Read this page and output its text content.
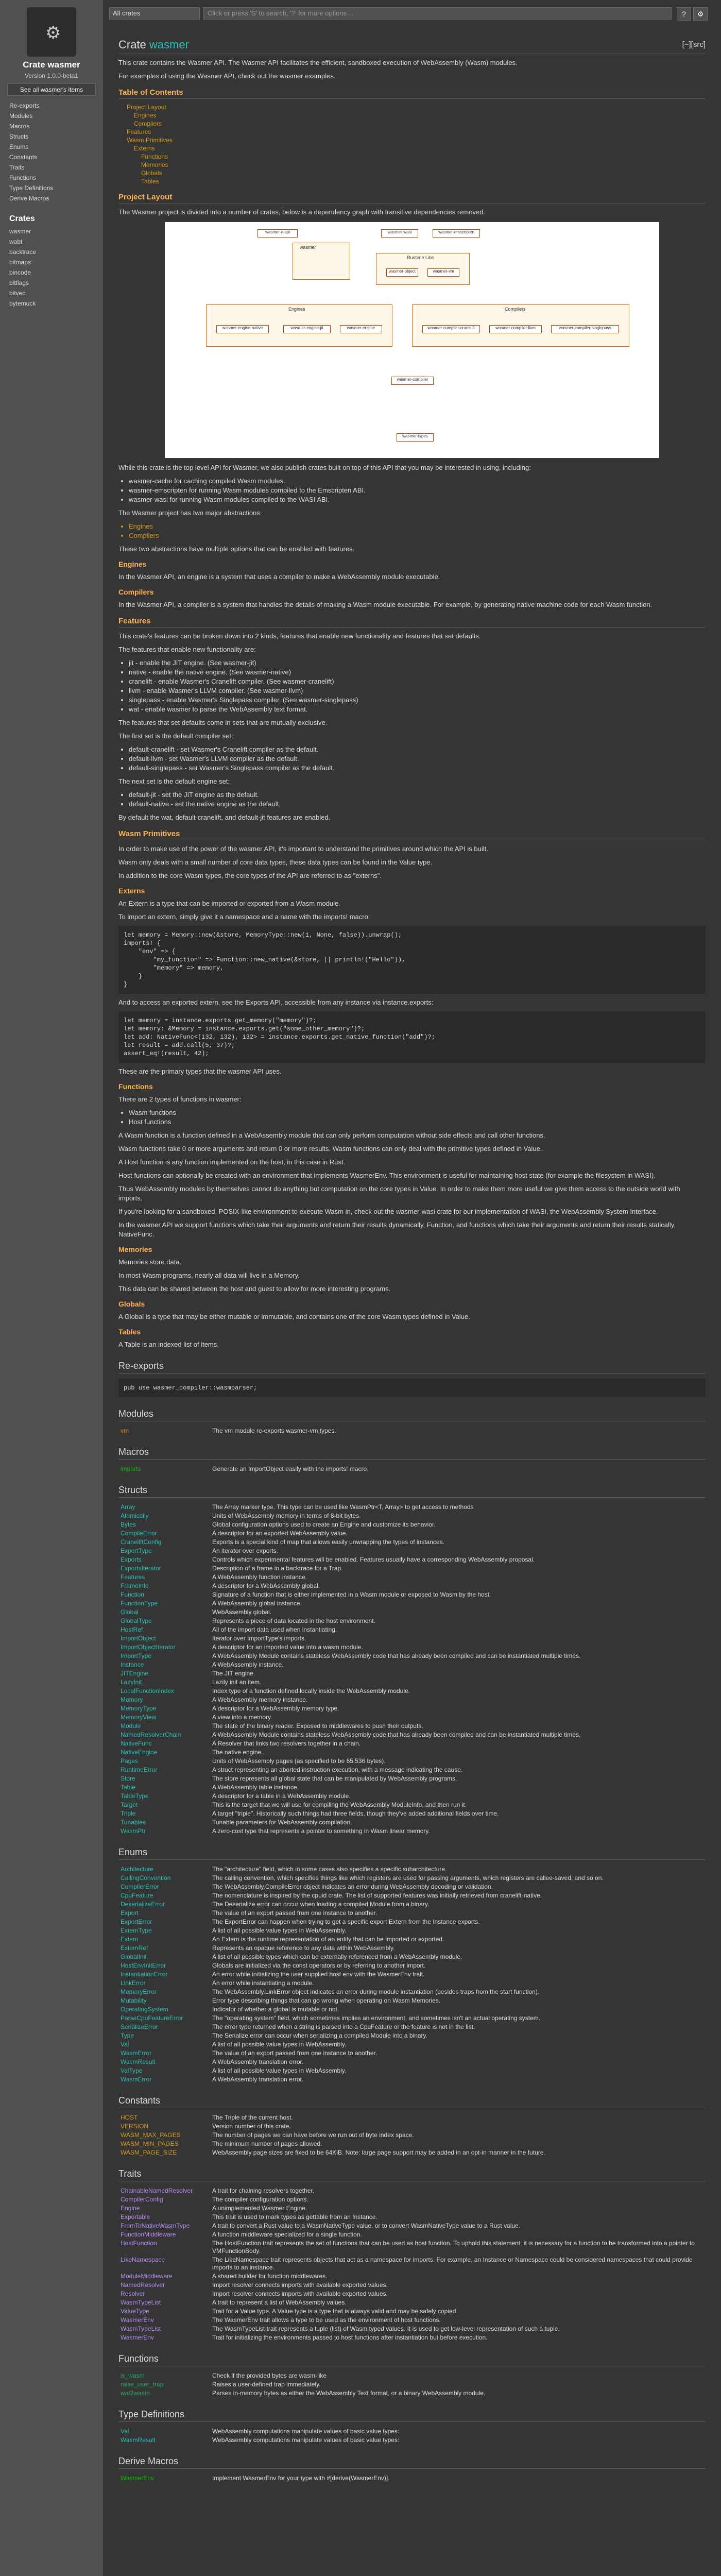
⚙
Crate wasmer
Version 1.0.0-beta1
See all wasmer's items
Re-exports
Modules
Macros
Structs
Enums
Constants
Traits
Functions
Type Definitions
Derive Macros
Crates
wasmer
wabt
backtrace
bitmaps
bincode
bitflags
bitvec
bytemuck
All crates	Click or press 'S' to search, '?' for more options…	?	⚙
Crate wasmer	[−][src]

This crate contains the Wasmer API. The Wasmer API facilitates the efficient, sandboxed execution of WebAssembly (Wasm) modules.

For examples of using the Wasmer API, check out the wasmer examples.

Table of Contents
Project Layout
Engines
Compilers
Features
Wasm Primitives
Externs
Functions
Memories
Globals
Tables
Project Layout

The Wasmer project is divided into a number of crates, below is a dependency graph with transitive dependencies removed.

wasmer-c-api
wasmer
wasmer-wasi	wasmer-emscripten
Runtime Libs
wasmer-object	wasmer-vm
Engines
wasmer-engine-native	wasmer-engine-jit	wasmer-engine
Compilers
wasmer-compiler-cranelift	wasmer-compiler-llvm	wasmer-compiler-singlepass
wasmer-compiler
wasmer-types

While this crate is the top level API for Wasmer, we also publish crates built on top of this API that you may be interested in using, including:

• wasmer-cache for caching compiled Wasm modules.
• wasmer-emscripten for running Wasm modules compiled to the Emscripten ABI.
• wasmer-wasi for running Wasm modules compiled to the WASI ABI.

The Wasmer project has two major abstractions:

• Engines
• Compilers

These two abstractions have multiple options that can be enabled with features.

Engines

In the Wasmer API, an engine is a system that uses a compiler to make a WebAssembly module executable.

Compilers

In the Wasmer API, a compiler is a system that handles the details of making a Wasm module executable. For example, by generating native machine code for each Wasm function.

Features

This crate's features can be broken down into 2 kinds, features that enable new functionality and features that set defaults.

The features that enable new functionality are:

• jit - enable the JIT engine. (See wasmer-jit)
• native - enable the native engine. (See wasmer-native)
• cranelift - enable Wasmer's Cranelift compiler. (See wasmer-cranelift)
• llvm - enable Wasmer's LLVM compiler. (See wasmer-llvm)
• singlepass - enable Wasmer's Singlepass compiler. (See wasmer-singlepass)
• wat - enable wasmer to parse the WebAssembly text format.

The features that set defaults come in sets that are mutually exclusive.

The first set is the default compiler set:

• default-cranelift - set Wasmer's Cranelift compiler as the default.
• default-llvm - set Wasmer's LLVM compiler as the default.
• default-singlepass - set Wasmer's Singlepass compiler as the default.

The next set is the default engine set:

• default-jit - set the JIT engine as the default.
• default-native - set the native engine as the default.

By default the wat, default-cranelift, and default-jit features are enabled.

Wasm Primitives

In order to make use of the power of the wasmer API, it's important to understand the primitives around which the API is built.

Wasm only deals with a small number of core data types, these data types can be found in the Value type.

In addition to the core Wasm types, the core types of the API are referred to as "externs".

Externs

An Extern is a type that can be imported or exported from a Wasm module.

To import an extern, simply give it a namespace and a name with the imports! macro:

let memory = Memory::new(&store, MemoryType::new(1, None, false)).unwrap();
imports! {
"env" => {
"my_function" => Function::new_native(&store, || println!("Hello")),
"memory" => memory,
}
}

And to access an exported extern, see the Exports API, accessible from any instance via instance.exports:

let memory = instance.exports.get_memory("memory")?;
let memory: &Memory = instance.exports.get("some_other_memory")?;
let add: NativeFunc<(i32, i32), i32> = instance.exports.get_native_function("add")?;
let result = add.call(5, 37)?;
assert_eq!(result, 42);

These are the primary types that the wasmer API uses.

Functions

There are 2 types of functions in wasmer:

• Wasm functions
• Host functions

A Wasm function is a function defined in a WebAssembly module that can only perform computation without side effects and call other functions.

Wasm functions take 0 or more arguments and return 0 or more results. Wasm functions can only deal with the primitive types defined in Value.

A Host function is any function implemented on the host, in this case in Rust.

Host functions can optionally be created with an environment that implements WasmerEnv. This environment is useful for maintaining host state (for example the filesystem in WASI).

Thus WebAssembly modules by themselves cannot do anything but computation on the core types in Value. In order to make them more useful we give them access to the outside world with imports.

If you're looking for a sandboxed, POSIX-like environment to execute Wasm in, check out the wasmer-wasi crate for our implementation of WASI, the WebAssembly System Interface.

In the wasmer API we support functions which take their arguments and return their results dynamically, Function, and functions which take their arguments and return their results statically, NativeFunc.

Memories

Memories store data.

In most Wasm programs, nearly all data will live in a Memory.

This data can be shared between the host and guest to allow for more interesting programs.

Globals

A Global is a type that may be either mutable or immutable, and contains one of the core Wasm types defined in Value.

Tables

A Table is an indexed list of items.

Re-exports
pub use wasmer_compiler::wasmparser;
Modules
vm	The vm module re-exports wasmer-vm types.
Macros
imports	Generate an ImportObject easily with the imports! macro.
Structs
Array	The Array marker type. This type can be used like WasmPtr<T, Array> to get access to methods
Atomically	Units of WebAssembly memory in terms of 8-bit bytes.
Bytes	Global configuration options used to create an Engine and customize its behavior.
CompileError	A descriptor for an exported WebAssembly value.
CraneliftConfig	Exports is a special kind of map that allows easily unwrapping the types of instances.
ExportType	An iterator over exports.
Exports	Controls which experimental features will be enabled. Features usually have a corresponding WebAssembly proposal.
ExportsIterator	Description of a frame in a backtrace for a Trap.
Features	A WebAssembly function instance.
FrameInfo	A descriptor for a WebAssembly global.
Function	Signature of a function that is either implemented in a Wasm module or exposed to Wasm by the host.
FunctionType	A WebAssembly global instance.
Global	WebAssembly global.
GlobalType	Represents a piece of data located in the host environment.
HostRef	All of the import data used when instantiating.
ImportObject	Iterator over ImportType's imports.
ImportObjectIterator	A descriptor for an imported value into a wasm module.
ImportType	A WebAssembly Module contains stateless WebAssembly code that has already been compiled and can be instantiated multiple times.
Instance	A WebAssembly instance.
JITEngine	The JIT engine.
LazyInit	Lazily init an item.
LocalFunctionIndex	Index type of a function defined locally inside the WebAssembly module.
Memory	A WebAssembly memory instance.
MemoryType	A descriptor for a WebAssembly memory type.
MemoryView	A view into a memory.
Module	The state of the binary reader. Exposed to middlewares to push their outputs.
NamedResolverChain	A WebAssembly Module contains stateless WebAssembly code that has already been compiled and can be instantiated multiple times.
NativeFunc	A Resolver that links two resolvers together in a chain.
NativeEngine	The native engine.
Pages	Units of WebAssembly pages (as specified to be 65,536 bytes).
RuntimeError	A struct representing an aborted instruction execution, with a message indicating the cause.
Store	The store represents all global state that can be manipulated by WebAssembly programs.
Table	A WebAssembly table instance.
TableType	A descriptor for a table in a WebAssembly module.
Target	This is the target that we will use for compiling the WebAssembly ModuleInfo, and then run it.
Triple	A target "triple". Historically such things had three fields, though they've added additional fields over time.
Tunables	Tunable parameters for WebAssembly compilation.
WasmPtr	A zero-cost type that represents a pointer to something in Wasm linear memory.
Enums
Architecture	The "architecture" field, which in some cases also specifies a specific subarchitecture.
CallingConvention	The calling convention, which specifies things like which registers are used for passing arguments, which registers are callee-saved, and so on.
CompilerError	The WebAssembly.CompileError object indicates an error during WebAssembly decoding or validation.
CpuFeature	The nomenclature is inspired by the cpuid crate. The list of supported features was initially retrieved from cranelift-native.
DeserializeError	The Deserialize error can occur when loading a compiled Module from a binary.
Export	The value of an export passed from one instance to another.
ExportError	The ExportError can happen when trying to get a specific export Extern from the Instance exports.
ExternType	A list of all possible value types in WebAssembly.
Extern	An Extern is the runtime representation of an entity that can be imported or exported.
ExternRef	Represents an opaque reference to any data within WebAssembly.
GlobalInit	A list of all possible types which can be externally referenced from a WebAssembly module.
HostEnvInitError	Globals are initialized via the const operators or by referring to another import.
InstantiationError	An error while initializing the user supplied host env with the WasmerEnv trait.
LinkError	An error while instantiating a module.
MemoryError	The WebAssembly.LinkError object indicates an error during module instantiation (besides traps from the start function).
Mutability	Error type describing things that can go wrong when operating on Wasm Memories.
OperatingSystem	Indicator of whether a global is mutable or not.
ParseCpuFeatureError	The "operating system" field, which sometimes implies an environment, and sometimes isn't an actual operating system.
SerializeError	The error type returned when a string is parsed into a CpuFeature or the feature is not in the list.
Type	The Serialize error can occur when serializing a compiled Module into a binary.
Val	A list of all possible value types in WebAssembly.
WasmError	The value of an export passed from one instance to another.
WasmResult	A WebAssembly translation error.
ValType	A list of all possible value types in WebAssembly.
WasmError	A WebAssembly translation error.
Constants
HOST	The Triple of the current host.
VERSION	Version number of this crate.
WASM_MAX_PAGES	The number of pages we can have before we run out of byte index space.
WASM_MIN_PAGES	The minimum number of pages allowed.
WASM_PAGE_SIZE	WebAssembly page sizes are fixed to be 64KiB. Note: large page support may be added in an opt-in manner in the future.
Traits
ChainableNamedResolver	A trait for chaining resolvers together.
CompilerConfig	The compiler configuration options.
Engine	A unimplemented Wasmer Engine.
Exportable	This trait is used to mark types as gettable from an Instance.
FromToNativeWasmType	A trait to convert a Rust value to a WasmNativeType value, or to convert WasmNativeType value to a Rust value.
FunctionMiddleware	A function middleware specialized for a single function.
HostFunction	The HostFunction trait represents the set of functions that can be used as host function. To uphold this statement, it is necessary for a function to be transformed into a pointer to VMFunctionBody.
LikeNamespace	The LikeNamespace trait represents objects that act as a namespace for imports. For example, an Instance or Namespace could be considered namespaces that could provide imports to an instance.
ModuleMiddleware	A shared builder for function middlewares.
NamedResolver	Import resolver connects imports with available exported values.
Resolver	Import resolver connects imports with available exported values.
WasmTypeList	A trait to represent a list of WebAssembly values.
ValueType	Trait for a Value type. A Value type is a type that is always valid and may be safely copied.
WasmerEnv	The WasmerEnv trait allows a type to be used as the environment of host functions.
WasmTypeList	The WasmTypeList trait represents a tuple (list) of Wasm typed values. It is used to get low-level representation of such a tuple.
WasmerEnv	Trait for initializing the environments passed to host functions after instantiation but before execution.
Functions
is_wasm	Check if the provided bytes are wasm-like
raise_user_trap	Raises a user-defined trap immediately.
wat2wasm	Parses in-memory bytes as either the WebAssembly Text format, or a binary WebAssembly module.
Type Definitions
Val	WebAssembly computations manipulate values of basic value types:
WasmResult	WebAssembly computations manipulate values of basic value types:
Derive Macros
WasmerEnv	Implement WasmerEnv for your type with #[derive(WasmerEnv)].
